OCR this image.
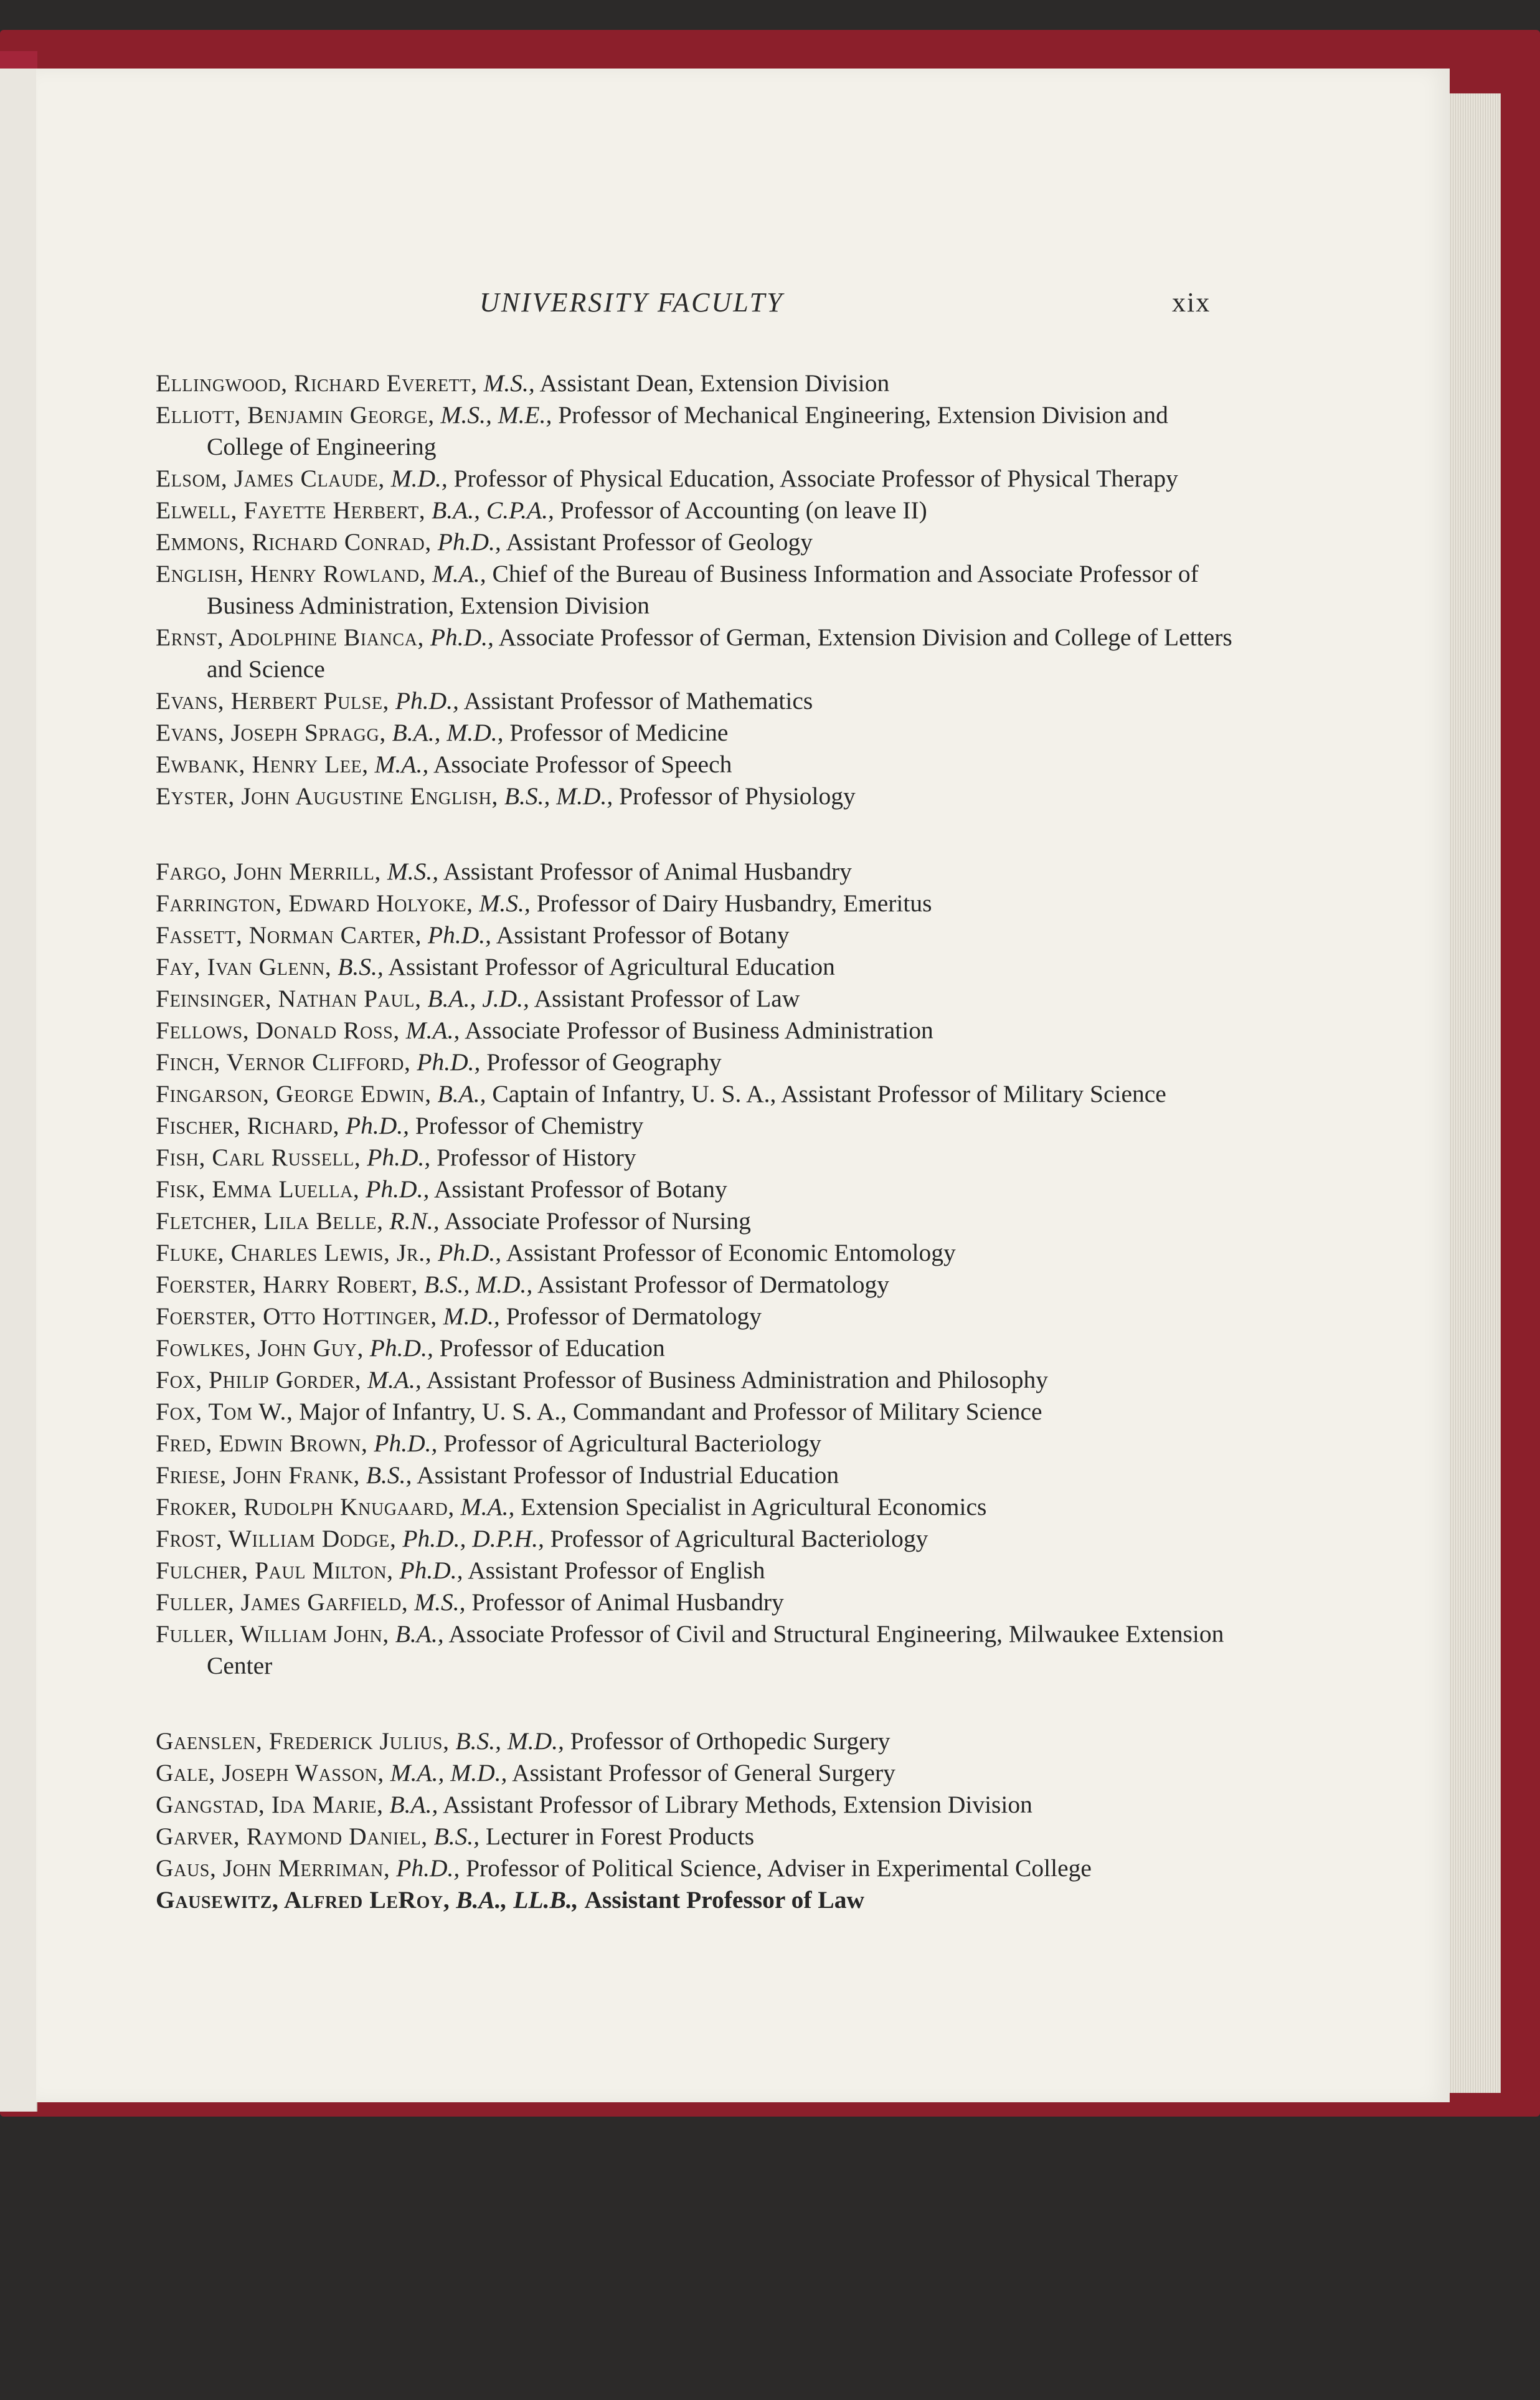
UNIVERSITY FACULTY	xix
Ellingwood, Richard Everett, M.S., Assistant Dean, Extension Division
Elliott, Benjamin George, M.S., M.E., Professor of Mechanical Engineering, Extension Division and College of Engineering
Elsom, James Claude, M.D., Professor of Physical Education, Associate Professor of Physical Therapy
Elwell, Fayette Herbert, B.A., C.P.A., Professor of Accounting (on leave II)
Emmons, Richard Conrad, Ph.D., Assistant Professor of Geology
English, Henry Rowland, M.A., Chief of the Bureau of Business Information and Associate Professor of Business Administration, Extension Division
Ernst, Adolphine Bianca, Ph.D., Associate Professor of German, Extension Division and College of Letters and Science
Evans, Herbert Pulse, Ph.D., Assistant Professor of Mathematics
Evans, Joseph Spragg, B.A., M.D., Professor of Medicine
Ewbank, Henry Lee, M.A., Associate Professor of Speech
Eyster, John Augustine English, B.S., M.D., Professor of Physiology
Fargo, John Merrill, M.S., Assistant Professor of Animal Husbandry
Farrington, Edward Holyoke, M.S., Professor of Dairy Husbandry, Emeritus
Fassett, Norman Carter, Ph.D., Assistant Professor of Botany
Fay, Ivan Glenn, B.S., Assistant Professor of Agricultural Education
Feinsinger, Nathan Paul, B.A., J.D., Assistant Professor of Law
Fellows, Donald Ross, M.A., Associate Professor of Business Administration
Finch, Vernor Clifford, Ph.D., Professor of Geography
Fingarson, George Edwin, B.A., Captain of Infantry, U. S. A., Assistant Professor of Military Science
Fischer, Richard, Ph.D., Professor of Chemistry
Fish, Carl Russell, Ph.D., Professor of History
Fisk, Emma Luella, Ph.D., Assistant Professor of Botany
Fletcher, Lila Belle, R.N., Associate Professor of Nursing
Fluke, Charles Lewis, Jr., Ph.D., Assistant Professor of Economic Entomology
Foerster, Harry Robert, B.S., M.D., Assistant Professor of Dermatology
Foerster, Otto Hottinger, M.D., Professor of Dermatology
Fowlkes, John Guy, Ph.D., Professor of Education
Fox, Philip Gorder, M.A., Assistant Professor of Business Administration and Philosophy
Fox, Tom W., Major of Infantry, U. S. A., Commandant and Professor of Military Science
Fred, Edwin Brown, Ph.D., Professor of Agricultural Bacteriology
Friese, John Frank, B.S., Assistant Professor of Industrial Education
Froker, Rudolph Knugaard, M.A., Extension Specialist in Agricultural Economics
Frost, William Dodge, Ph.D., D.P.H., Professor of Agricultural Bacteriology
Fulcher, Paul Milton, Ph.D., Assistant Professor of English
Fuller, James Garfield, M.S., Professor of Animal Husbandry
Fuller, William John, B.A., Associate Professor of Civil and Structural Engineering, Milwaukee Extension Center
Gaenslen, Frederick Julius, B.S., M.D., Professor of Orthopedic Surgery
Gale, Joseph Wasson, M.A., M.D., Assistant Professor of General Surgery
Gangstad, Ida Marie, B.A., Assistant Professor of Library Methods, Extension Division
Garver, Raymond Daniel, B.S., Lecturer in Forest Products
Gaus, John Merriman, Ph.D., Professor of Political Science, Adviser in Experimental College
Gausewitz, Alfred LeRoy, B.A., LL.B., Assistant Professor of Law
